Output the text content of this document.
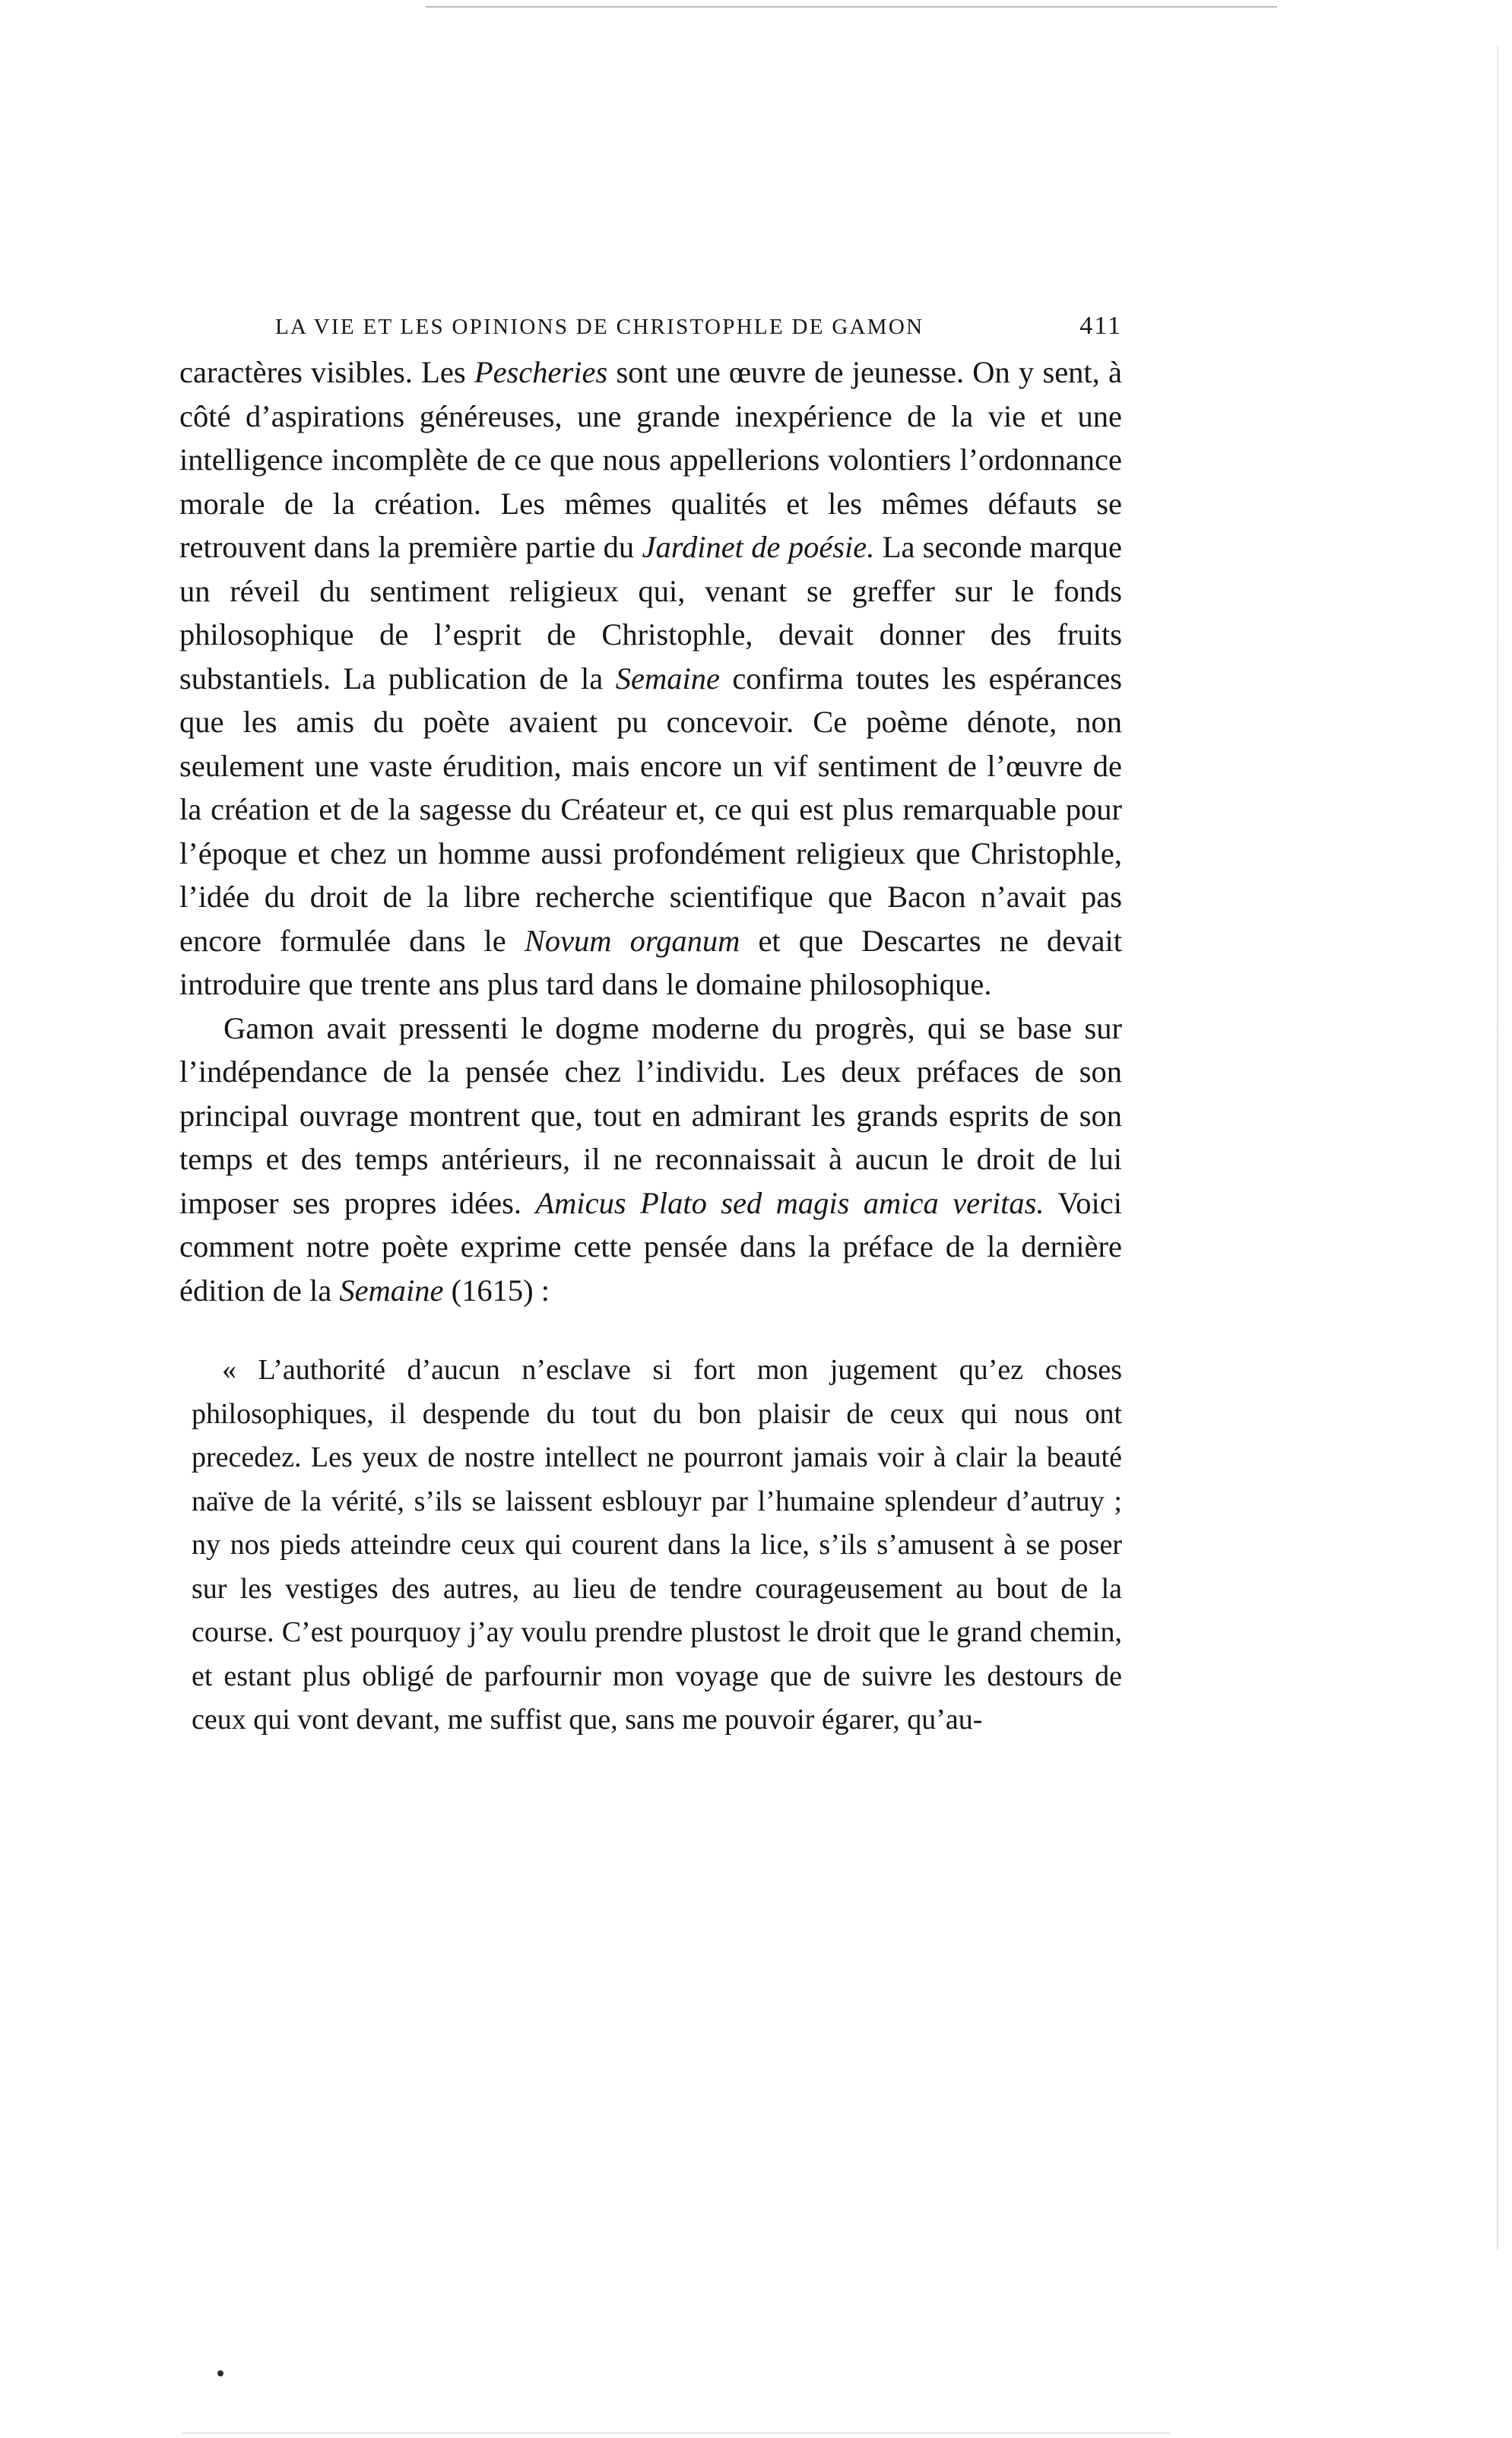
LA VIE ET LES OPINIONS DE CHRISTOPHLE DE GAMON	411

caractères visibles. Les Pescheries sont une œuvre de jeunesse. On y sent, à côté d’aspirations généreuses, une grande inexpérience de la vie et une intelligence incomplète de ce que nous appellerions volontiers l’ordonnance morale de la création. Les mêmes qualités et les mêmes défauts se retrouvent dans la première partie du Jardinet de poésie. La seconde marque un réveil du sentiment religieux qui, venant se greffer sur le fonds philosophique de l’esprit de Christophle, devait donner des fruits substantiels. La publication de la Semaine confirma toutes les espérances que les amis du poète avaient pu concevoir. Ce poème dénote, non seulement une vaste érudition, mais encore un vif sentiment de l’œuvre de la création et de la sagesse du Créateur et, ce qui est plus remarquable pour l’époque et chez un homme aussi profondément religieux que Christophle, l’idée du droit de la libre recherche scientifique que Bacon n’avait pas encore formulée dans le Novum organum et que Descartes ne devait introduire que trente ans plus tard dans le domaine philosophique.

Gamon avait pressenti le dogme moderne du progrès, qui se base sur l’indépendance de la pensée chez l’individu. Les deux préfaces de son principal ouvrage montrent que, tout en admirant les grands esprits de son temps et des temps antérieurs, il ne reconnaissait à aucun le droit de lui imposer ses propres idées. Amicus Plato sed magis amica veritas. Voici comment notre poète exprime cette pensée dans la préface de la dernière édition de la Semaine (1615) :

« L’authorité d’aucun n’esclave si fort mon jugement qu’ez choses philosophiques, il despende du tout du bon plaisir de ceux qui nous ont precedez. Les yeux de nostre intellect ne pourront jamais voir à clair la beauté naïve de la vérité, s’ils se laissent esblouyr par l’humaine splendeur d’autruy ; ny nos pieds atteindre ceux qui courent dans la lice, s’ils s’amusent à se poser sur les vestiges des autres, au lieu de tendre courageusement au bout de la course. C’est pourquoy j’ay voulu prendre plustost le droit que le grand chemin, et estant plus obligé de parfournir mon voyage que de suivre les destours de ceux qui vont devant, me suffist que, sans me pouvoir égarer, qu’au-
